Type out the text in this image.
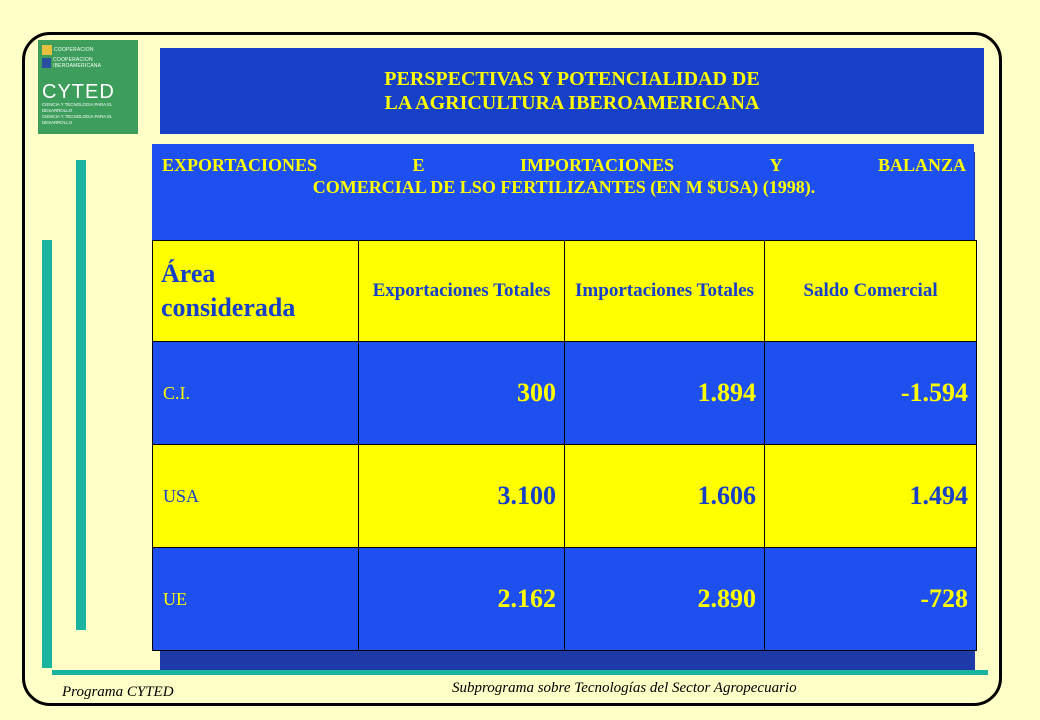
COOPERACION
COOPERACION IBEROAMERICANA
CYTED
CIENCIA Y TECNOLOGIA PARA EL DESARROLLO
CIENCIA Y TECNOLOGIA PARA EL DESARROLLO
PERSPECTIVAS Y POTENCIALIDAD DE
LA AGRICULTURA IBEROAMERICANA
EXPORTACIONES	E	IMPORTACIONES	Y	BALANZA
COMERCIAL DE LSO FERTILIZANTES (EN M $USA) (1998).
Área considerada	Exportaciones Totales	Importaciones Totales	Saldo Comercial
C.I.	300	1.894	-1.594
USA	3.100	1.606	1.494
UE	2.162	2.890	-728
Programa CYTED	Subprograma sobre Tecnologías del Sector Agropecuario
